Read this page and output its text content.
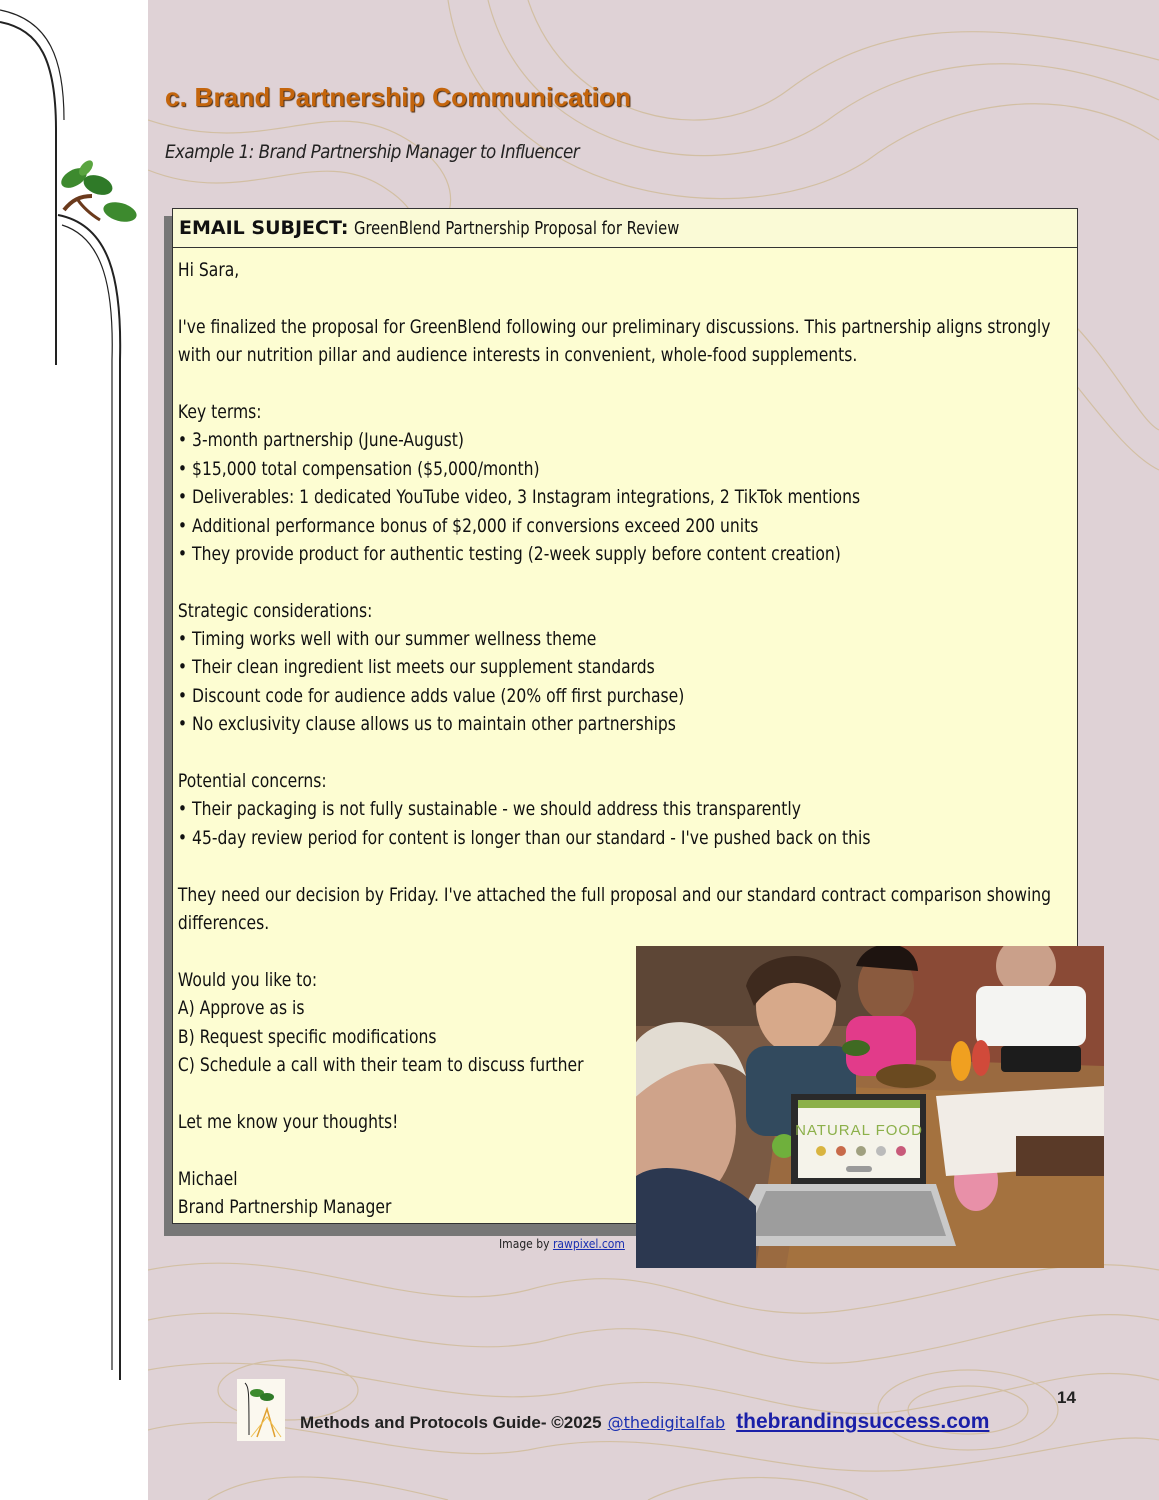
c. Brand Partnership Communication

Example 1: Brand Partnership Manager to Influencer

EMAIL SUBJECT: GreenBlend Partnership Proposal for Review
Hi Sara,
I've finalized the proposal for GreenBlend following our preliminary discussions. This partnership aligns strongly
with our nutrition pillar and audience interests in convenient, whole-food supplements.
Key terms:
• 3-month partnership (June-August)
• $15,000 total compensation ($5,000/month)
• Deliverables: 1 dedicated YouTube video, 3 Instagram integrations, 2 TikTok mentions
• Additional performance bonus of $2,000 if conversions exceed 200 units
• They provide product for authentic testing (2-week supply before content creation)
Strategic considerations:
• Timing works well with our summer wellness theme
• Their clean ingredient list meets our supplement standards
• Discount code for audience adds value (20% off first purchase)
• No exclusivity clause allows us to maintain other partnerships
Potential concerns:
• Their packaging is not fully sustainable - we should address this transparently
• 45-day review period for content is longer than our standard - I've pushed back on this
They need our decision by Friday. I've attached the full proposal and our standard contract comparison showing
differences.
Would you like to:
A) Approve as is
B) Request specific modifications
C) Schedule a call with their team to discuss further
Let me know your thoughts!
Michael
Brand Partnership Manager
NATURAL FOOD
Image by rawpixel.com
14
Methods and Protocols Guide- ©2025 @thedigitalfab thebrandingsuccess.com
